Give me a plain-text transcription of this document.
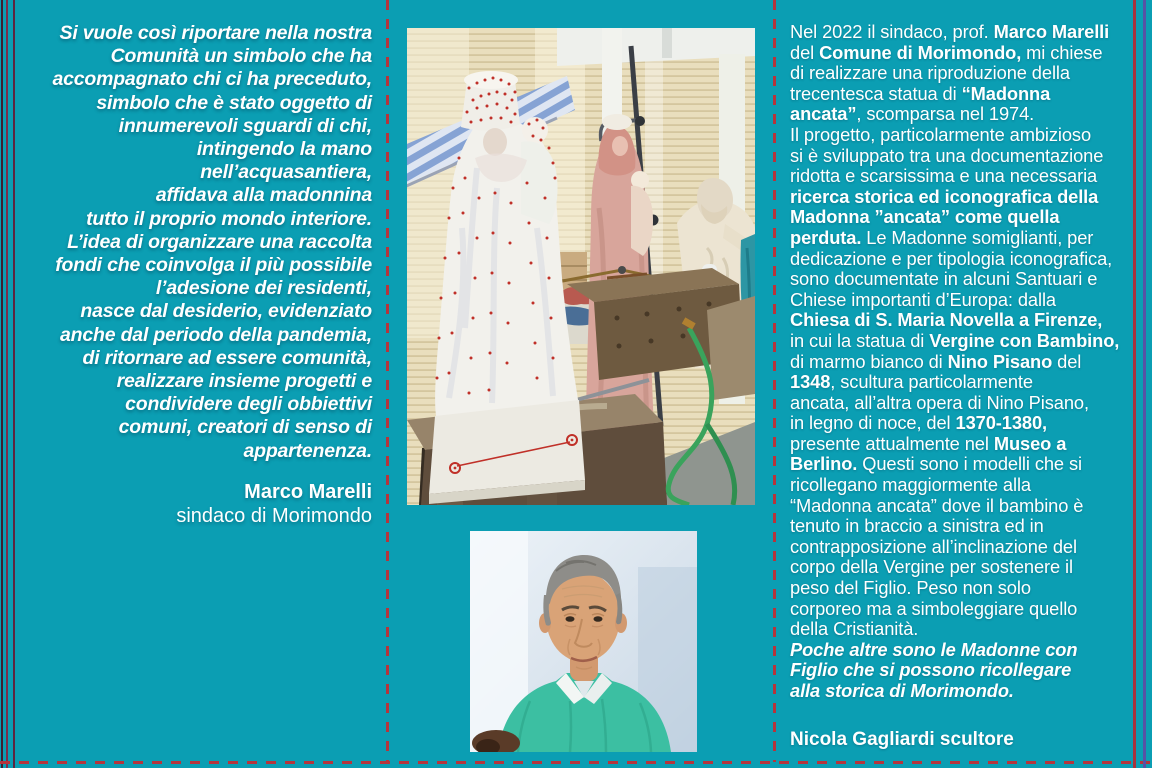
Si vuole così riportare nella nostra
Comunità un simbolo che ha
accompagnato chi ci ha preceduto,
simbolo che è stato oggetto di
innumerevoli sguardi di chi,
intingendo la mano
nell’acquasantiera,
affidava alla madonnina
tutto il proprio mondo interiore.
L’idea di organizzare una raccolta
fondi che coinvolga il più possibile
l’adesione dei residenti,
nasce dal desiderio, evidenziato
anche dal periodo della pandemia,
di ritornare ad essere comunità,
realizzare insieme progetti e
condividere degli obbiettivi
comuni, creatori di senso di
appartenenza.
Marco Marelli
sindaco di Morimondo
Nel 2022 il sindaco, prof. Marco Marelli
del Comune di Morimondo, mi chiese
di realizzare una riproduzione della
trecentesca statua di “Madonna
ancata”, scomparsa nel 1974.
Il progetto, particolarmente ambizioso
si è sviluppato tra una documentazione
ridotta e scarsissima e una necessaria
ricerca storica ed iconografica della
Madonna ”ancata” come quella
perduta. Le Madonne somiglianti, per
dedicazione e per tipologia iconografica,
sono documentate in alcuni Santuari e
Chiese importanti d’Europa: dalla
Chiesa di S. Maria Novella a Firenze,
in cui la statua di Vergine con Bambino,
di marmo bianco di Nino Pisano del
1348, scultura particolarmente
ancata, all’altra opera di Nino Pisano,
in legno di noce, del 1370-1380,
presente attualmente nel Museo a
Berlino. Questi sono i modelli che si
ricollegano maggiormente alla
“Madonna ancata” dove il bambino è
tenuto in braccio a sinistra ed in
contrapposizione all’inclinazione del
corpo della Vergine per sostenere il
peso del Figlio. Peso non solo
corporeo ma a simboleggiare quello
della Cristianità.
Poche altre sono le Madonne con
Figlio che si possono ricollegare
alla storica di Morimondo.
Nicola Gagliardi scultore
